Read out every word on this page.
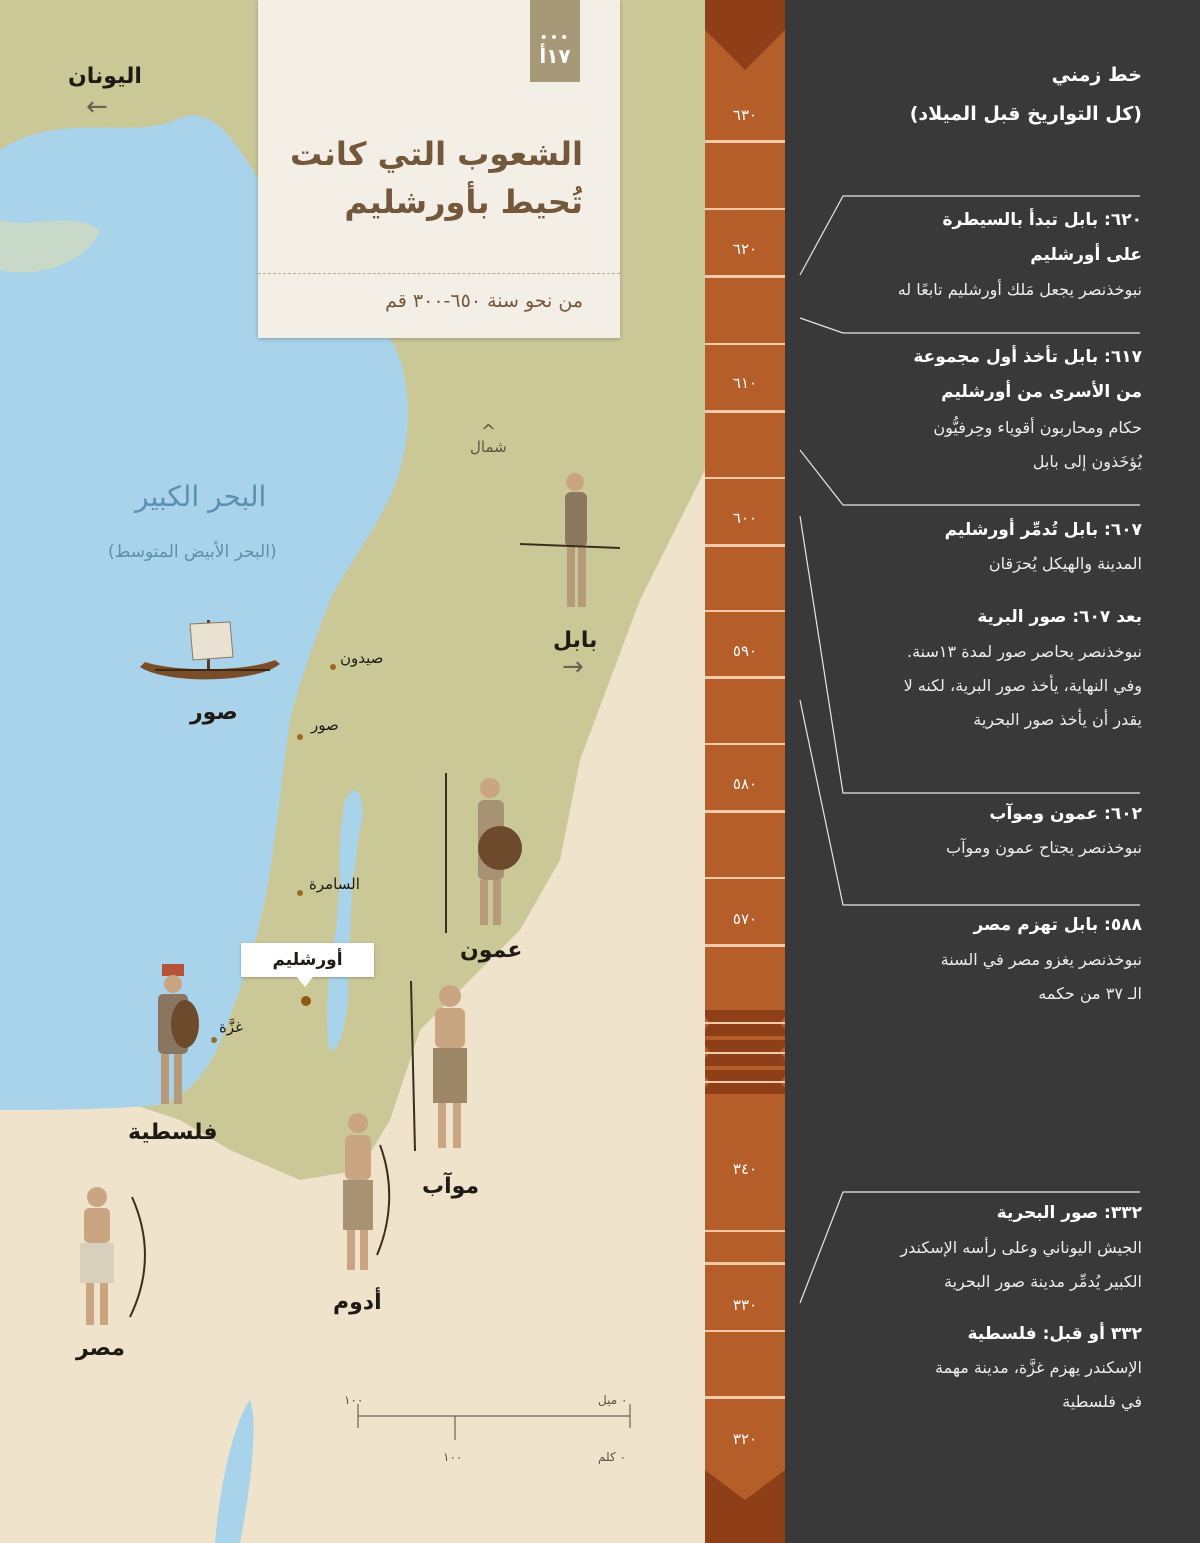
اليونان
←
البحر الكبير
(البحر الأبيض المتوسط)
^
شمال
بابل
→
صور
عمون
موآب
أدوم
فلسطية
مصر
صيدون
صور
السامرة
غزَّة
أورشليم
٠ ميل
٠ كلم
١٠٠
١٠٠
•••
١٧أ
الشعوب التي كانت
تُحيط بأورشليم
من نحو سنة ٦٥٠-٣٠٠ قم
٦٣٠
٦٢٠
٦١٠
٦٠٠
٥٩٠
٥٨٠
٥٧٠
٣٤٠
٣٣٠
٣٢٠
خط زمني
(كل التواريخ قبل الميلاد)
٦٢٠: بابل تبدأ بالسيطرة
على أورشليم
نبوخذنصر يجعل مَلك أورشليم تابعًا له
٦١٧: بابل تأخذ أول مجموعة
من الأسرى من أورشليم
حكام ومحاربون أقوياء وحِرفيُّون
يُؤخَذون إلى بابل
٦٠٧: بابل تُدمِّر أورشليم
المدينة والهيكل يُحرَقان
بعد ٦٠٧: صور البرية
نبوخذنصر يحاصر صور لمدة ١٣سنة.
وفي النهاية، يأخذ صور البرية، لكنه لا
يقدر أن يأخذ صور البحرية
٦٠٢: عمون وموآب
نبوخذنصر يجتاح عمون وموآب
٥٨٨: بابل تهزم مصر
نبوخذنصر يغزو مصر في السنة
الـ ٣٧ من حكمه
٣٣٢: صور البحرية
الجيش اليوناني وعلى رأسه الإسكندر
الكبير يُدمِّر مدينة صور البحرية
٣٣٢ أو قبل: فلسطية
الإسكندر يهزم غزَّة، مدينة مهمة
في فلسطية
